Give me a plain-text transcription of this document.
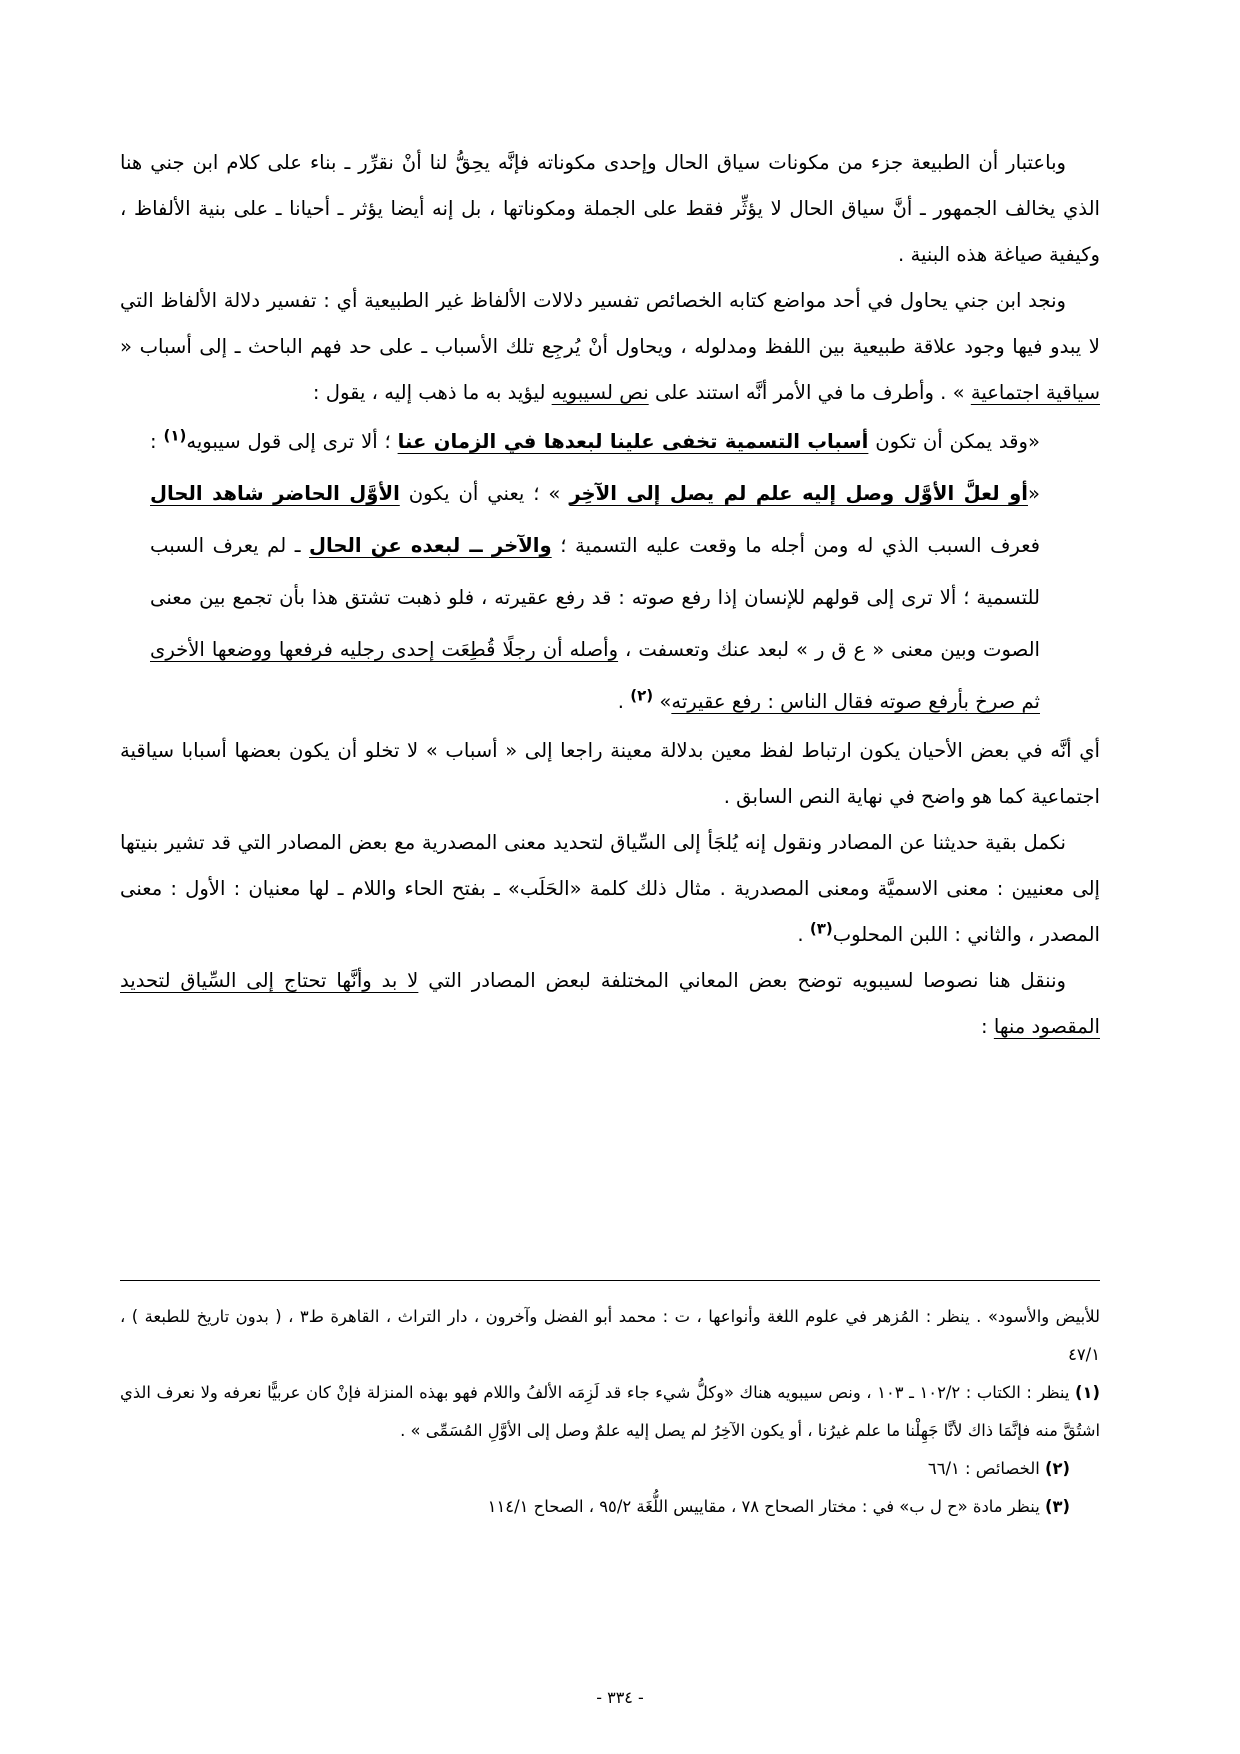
وباعتبار أن الطبيعة جزء من مكونات سياق الحال وإحدى مكوناته فإنَّه يحِقُّ لنا أنْ نقرِّر ـ بناء على كلام ابن جني هنا الذي يخالف الجمهور ـ أنَّ سياق الحال لا يؤثِّر فقط على الجملة ومكوناتها ، بل إنه أيضا يؤثر ـ أحيانا ـ على بنية الألفاظ ، وكيفية صياغة هذه البنية .

ونجد ابن جني يحاول في أحد مواضع كتابه الخصائص تفسير دلالات الألفاظ غير الطبيعية أي : تفسير دلالة الألفاظ التي لا يبدو فيها وجود علاقة طبيعية بين اللفظ ومدلوله ، ويحاول أنْ يُرجِع تلك الأسباب ـ على حد فهم الباحث ـ إلى أسباب « سياقية اجتماعية » . وأطرف ما في الأمر أنَّه استند على نص لسيبويه ليؤيد به ما ذهب إليه ، يقول :

«وقد يمكن أن تكون أسباب التسمية تخفى علينا لبعدها في الزمان عنا ؛ ألا ترى إلى قول سيبويه$^{(١)}$ : «أو لعلَّ الأوَّل وصل إليه علم لم يصل إلى الآخِر » ؛ يعني أن يكون الأوَّل الحاضر شاهد الحال فعرف السبب الذي له ومن أجله ما وقعت عليه التسمية ؛ والآخر ــ لبعده عن الحال ـ لم يعرف السبب للتسمية ؛ ألا ترى إلى قولهم للإنسان إذا رفع صوته : قد رفع عقيرته ، فلو ذهبت تشتق هذا بأن تجمع بين معنى الصوت وبين معنى « ع ق ر » لبعد عنك وتعسفت ، وأصله أن رجلًا قُطِعَت إحدى رجليه فرفعها ووضعها الأخرى ثم صرخ بأرفع صوته فقال الناس : رفع عقيرته» $^{(٢)}$ .

أي أنَّه في بعض الأحيان يكون ارتباط لفظ معين بدلالة معينة راجعا إلى « أسباب » لا تخلو أن يكون بعضها أسبابا سياقية اجتماعية كما هو واضح في نهاية النص السابق .

نكمل بقية حديثنا عن المصادر ونقول إنه يُلجَأ إلى السِّياق لتحديد معنى المصدرية مع بعض المصادر التي قد تشير بنيتها إلى معنيين : معنى الاسميَّة ومعنى المصدرية . مثال ذلك كلمة «الحَلَب» ـ بفتح الحاء واللام ـ لها معنيان : الأول : معنى المصدر ، والثاني : اللبن المحلوب$^{(٣)}$ .

وننقل هنا نصوصا لسيبويه توضح بعض المعاني المختلفة لبعض المصادر التي لا بد وأنَّها تحتاج إلى السِّياق لتحديد المقصود منها :

للأبيض والأسود» . ينظر : المُزهر في علوم اللغة وأنواعها ، ت : محمد أبو الفضل وآخرون ، دار التراث ، القاهرة ط٣ ، ( بدون تاريخ للطبعة ) ، ٤٧/١

(١) ينظر : الكتاب : ١٠٢/٢ ـ ١٠٣ ، ونص سيبويه هناك «وكلُّ شيء جاء قد لَزِمَه الألفُ واللام فهو بهذه المنزلة فإنْ كان عربيًّا نعرفه ولا نعرف الذي اشتُقَّ منه فإنَّمَا ذاك لأنَّا جَهِلْنا ما علم غيرُنا ، أو يكون الآخِرُ لم يصل إليه علمٌ وصل إلى الأوَّلِ المُسَمِّى » .

(٢) الخصائص : ٦٦/١

(٣) ينظر مادة «ح ل ب» في : مختار الصحاح ٧٨ ، مقاييس اللُّغَة ٩٥/٢ ، الصحاح ١١٤/١

- ٣٣٤ -
